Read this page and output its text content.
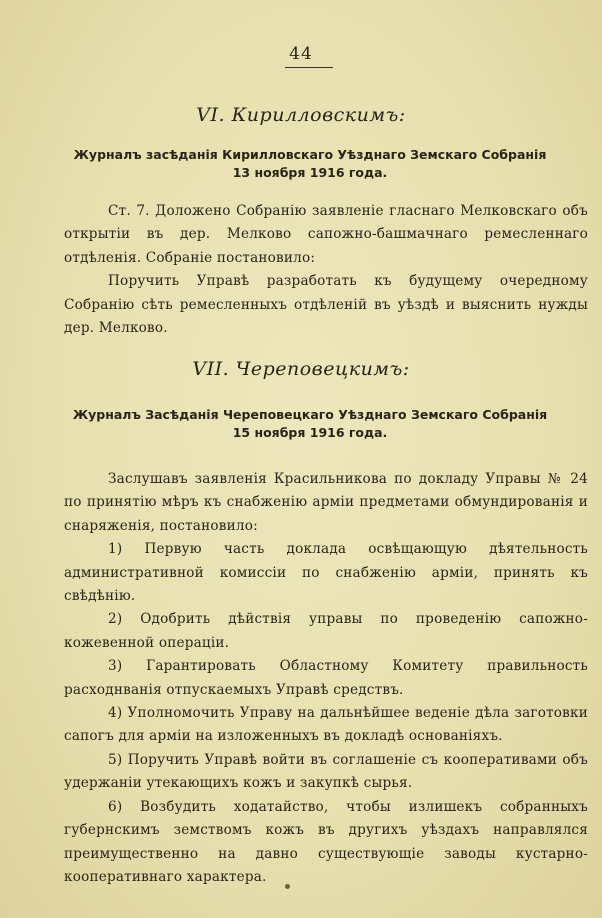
44
VI. Кирилловскимъ:
Журналъ засѣданія Кирилловскаго Уѣзднаго Земскаго Собранія
13 ноября 1916 года.

Ст. 7. Доложено Собранію заявленіе гласнаго Мелковскаго объ открытіи въ дер. Мелково сапожно-башмачнаго ремесленнаго отдѣленія. Собраніе постановило:

Поручить Управѣ разработать къ будущему очередному Собранію сѣть ремесленныхъ отдѣленій въ уѣздѣ и выяснить нужды дер. Мелково.

VII. Череповецкимъ:
Журналъ Засѣданія Череповецкаго Уѣзднаго Земскаго Собранія
15 ноября 1916 года.

Заслушавъ заявленія Красильникова по докладу Управы № 24 по принятію мѣръ къ снабженію арміи предметами обмундированія и снаряженія, постановило:

1) Первую часть доклада освѣщающую дѣятельность административной комиссіи по снабженію арміи, принять къ свѣдѣнію.

2) Одобрить дѣйствія управы по проведенію сапожно-кожевенной операціи.

3) Гарантировать Областному Комитету правильность расходнванія отпускаемыхъ Управѣ средствъ.

4) Уполномочить Управу на дальнѣйшее веденіе дѣла заготовки сапогъ для арміи на изложенныхъ въ докладѣ основаніяхъ.

5) Поручить Управѣ войти въ соглашеніе съ кооперативами объ удержаніи утекающихъ кожъ и закупкѣ сырья.

6) Возбудить ходатайство, чтобы излишекъ собранныхъ губернскимъ земствомъ кожъ въ другихъ уѣздахъ направлялся преимущественно на давно существующіе заводы кустарно-кооперативнаго характера.
